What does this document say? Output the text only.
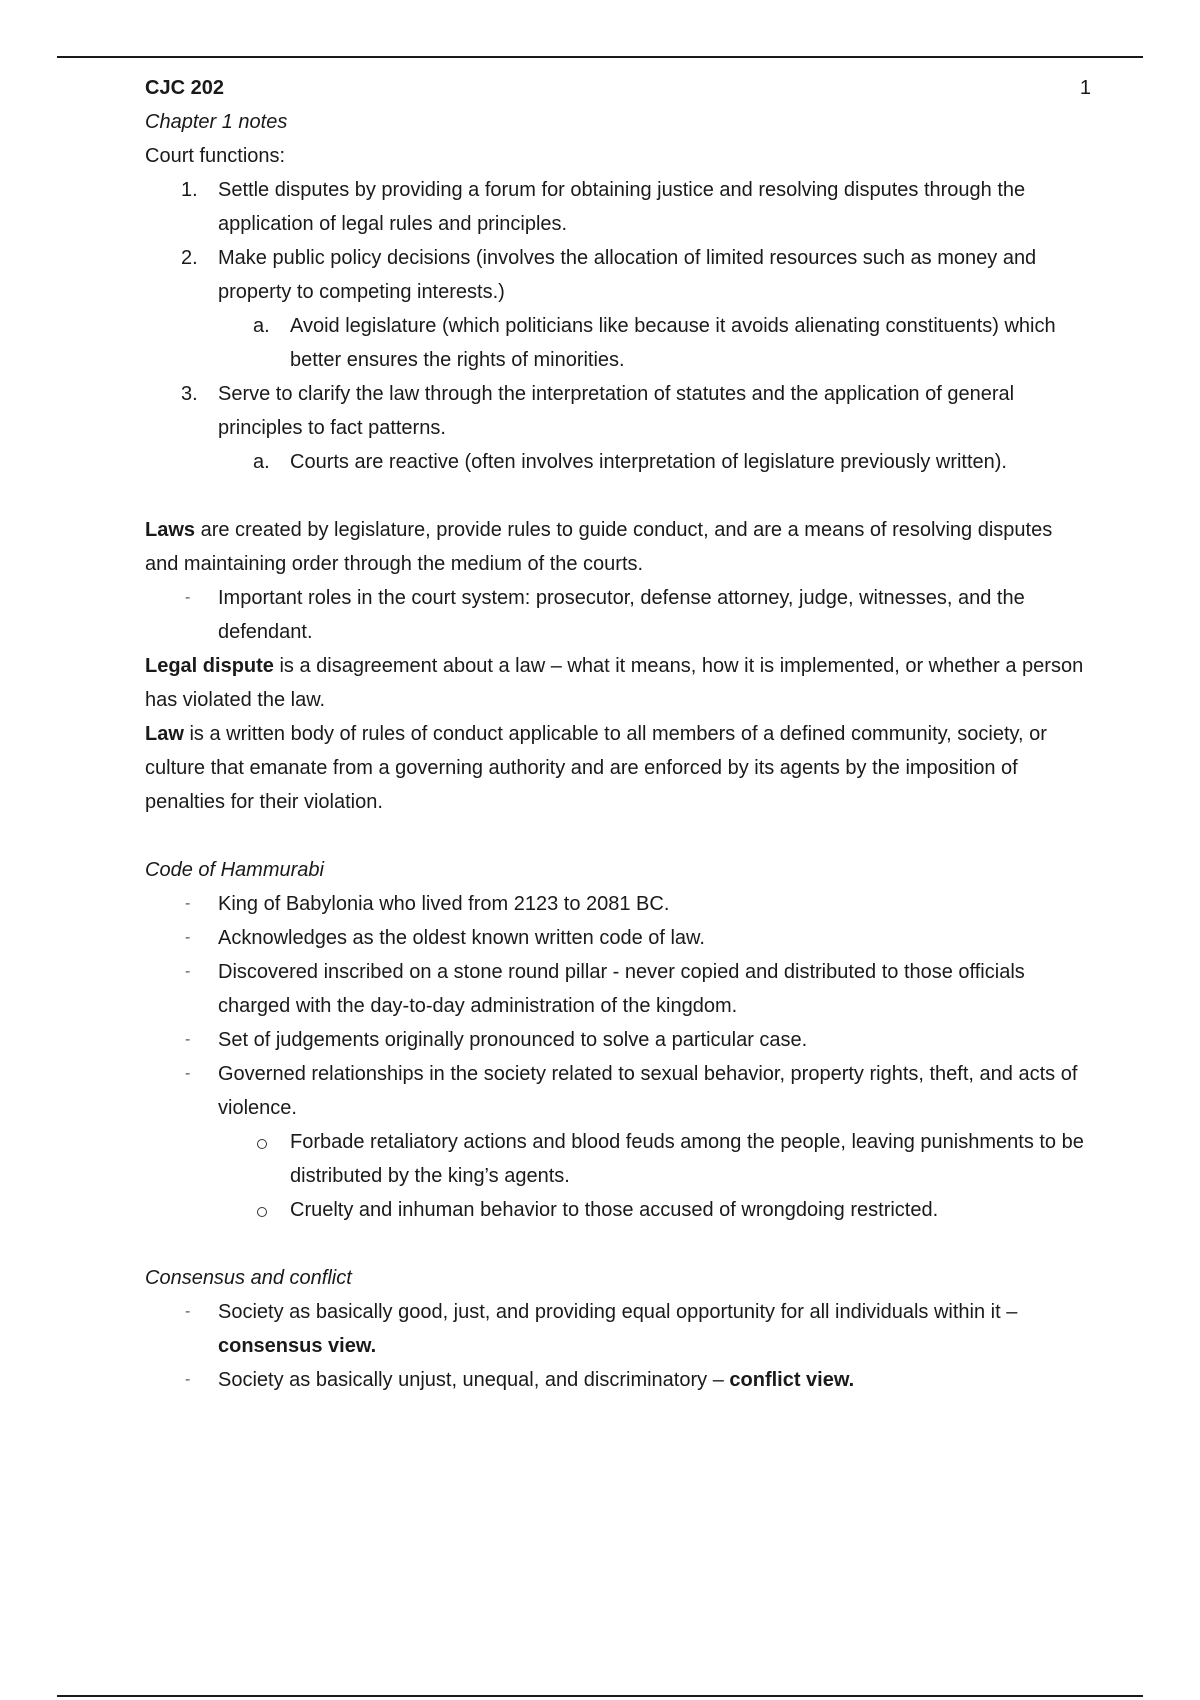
CJC 202	1

Chapter 1 notes

Court functions:

1. Settle disputes by providing a forum for obtaining justice and resolving disputes through the application of legal rules and principles.

2. Make public policy decisions (involves the allocation of limited resources such as money and property to competing interests.)

a. Avoid legislature (which politicians like because it avoids alienating constituents) which better ensures the rights of minorities.

3. Serve to clarify the law through the interpretation of statutes and the application of general principles to fact patterns.

a. Courts are reactive (often involves interpretation of legislature previously written).

Laws are created by legislature, provide rules to guide conduct, and are a means of resolving disputes and maintaining order through the medium of the courts.

- Important roles in the court system: prosecutor, defense attorney, judge, witnesses, and the defendant.

Legal dispute is a disagreement about a law – what it means, how it is implemented, or whether a person has violated the law.

Law is a written body of rules of conduct applicable to all members of a defined community, society, or culture that emanate from a governing authority and are enforced by its agents by the imposition of penalties for their violation.

Code of Hammurabi

- King of Babylonia who lived from 2123 to 2081 BC.

- Acknowledges as the oldest known written code of law.

- Discovered inscribed on a stone round pillar - never copied and distributed to those officials charged with the day-to-day administration of the kingdom.

- Set of judgements originally pronounced to solve a particular case.

- Governed relationships in the society related to sexual behavior, property rights, theft, and acts of violence.

Forbade retaliatory actions and blood feuds among the people, leaving punishments to be distributed by the king’s agents.

Cruelty and inhuman behavior to those accused of wrongdoing restricted.

Consensus and conflict

- Society as basically good, just, and providing equal opportunity for all individuals within it – consensus view.

- Society as basically unjust, unequal, and discriminatory – conflict view.
